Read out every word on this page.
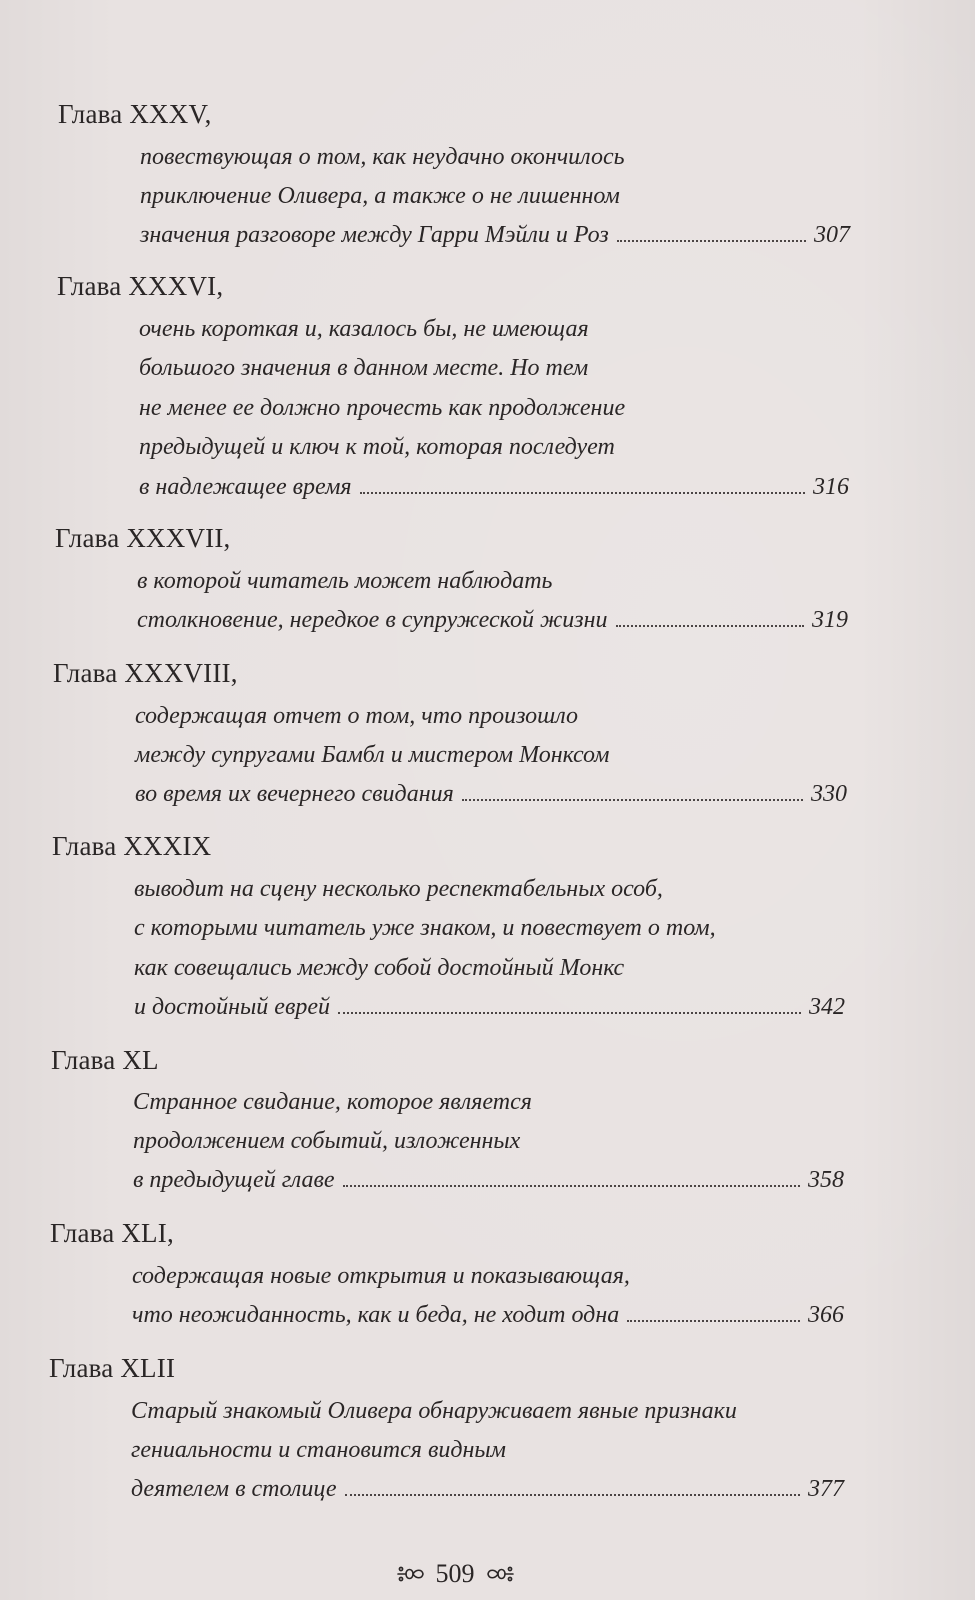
Глава XXXV,
повествующая о том, как неудачно окончилось
приключение Оливера, а также о не лишенном
значения разговоре между Гарри Мэйли и Роз	307
Глава XXXVI,
очень короткая и, казалось бы, не имеющая
большого значения в данном месте. Но тем
не менее ее должно прочесть как продолжение
предыдущей и ключ к той, которая последует
в надлежащее время	316
Глава XXXVII,
в которой читатель может наблюдать
столкновение, нередкое в супружеской жизни	319
Глава XXXVIII,
содержащая отчет о том, что произошло
между супругами Бамбл и мистером Монксом
во время их вечернего свидания	330
Глава XXXIX
выводит на сцену несколько респектабельных особ,
с которыми читатель уже знаком, и повествует о том,
как совещались между собой достойный Монкс
и достойный еврей	342
Глава XL
Странное свидание, которое является
продолжением событий, изложенных
в предыдущей главе	358
Глава XLI,
содержащая новые открытия и показывающая,
что неожиданность, как и беда, не ходит одна	366
Глава XLII
Старый знакомый Оливера обнаруживает явные признаки
гениальности и становится видным
деятелем в столице	377
509
